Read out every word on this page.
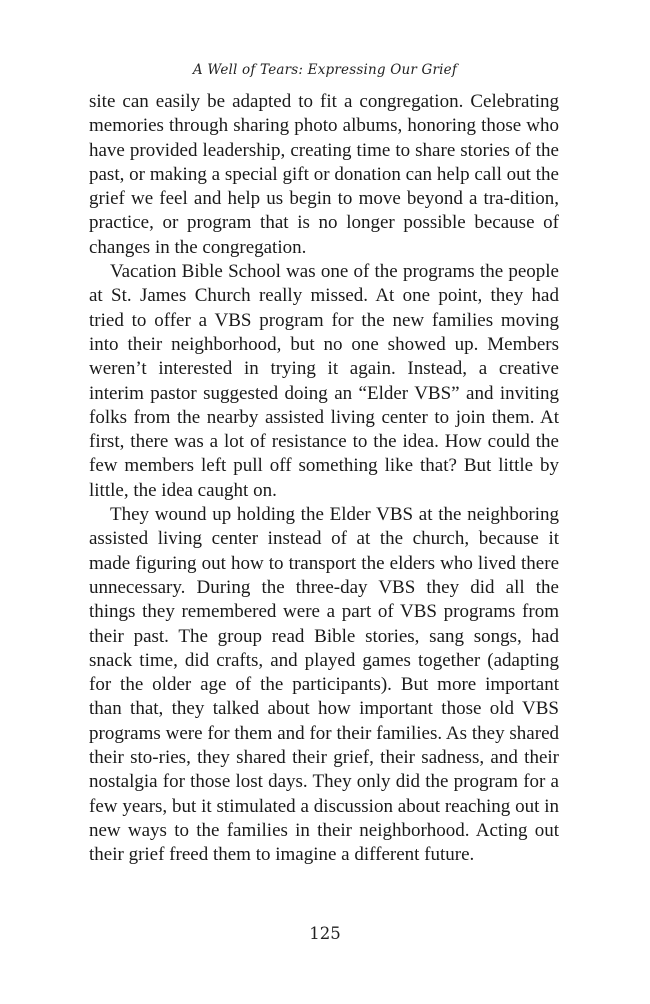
A Well of Tears: Expressing Our Grief

site can easily be adapted to fit a congregation. Celebrating memories through sharing photo albums, honoring those who have provided leadership, creating time to share stories of the past, or making a special gift or donation can help call out the grief we feel and help us begin to move beyond a tra-dition, practice, or program that is no longer possible because of changes in the congregation.

Vacation Bible School was one of the programs the people at St. James Church really missed. At one point, they had tried to offer a VBS program for the new families moving into their neighborhood, but no one showed up. Members weren’t interested in trying it again. Instead, a creative interim pastor suggested doing an “Elder VBS” and inviting folks from the nearby assisted living center to join them. At first, there was a lot of resistance to the idea. How could the few members left pull off something like that? But little by little, the idea caught on.

They wound up holding the Elder VBS at the neighboring assisted living center instead of at the church, because it made figuring out how to transport the elders who lived there unnecessary. During the three-day VBS they did all the things they remembered were a part of VBS programs from their past. The group read Bible stories, sang songs, had snack time, did crafts, and played games together (adapting for the older age of the participants). But more important than that, they talked about how important those old VBS programs were for them and for their families. As they shared their sto-ries, they shared their grief, their sadness, and their nostalgia for those lost days. They only did the program for a few years, but it stimulated a discussion about reaching out in new ways to the families in their neighborhood. Acting out their grief freed them to imagine a different future.

125
